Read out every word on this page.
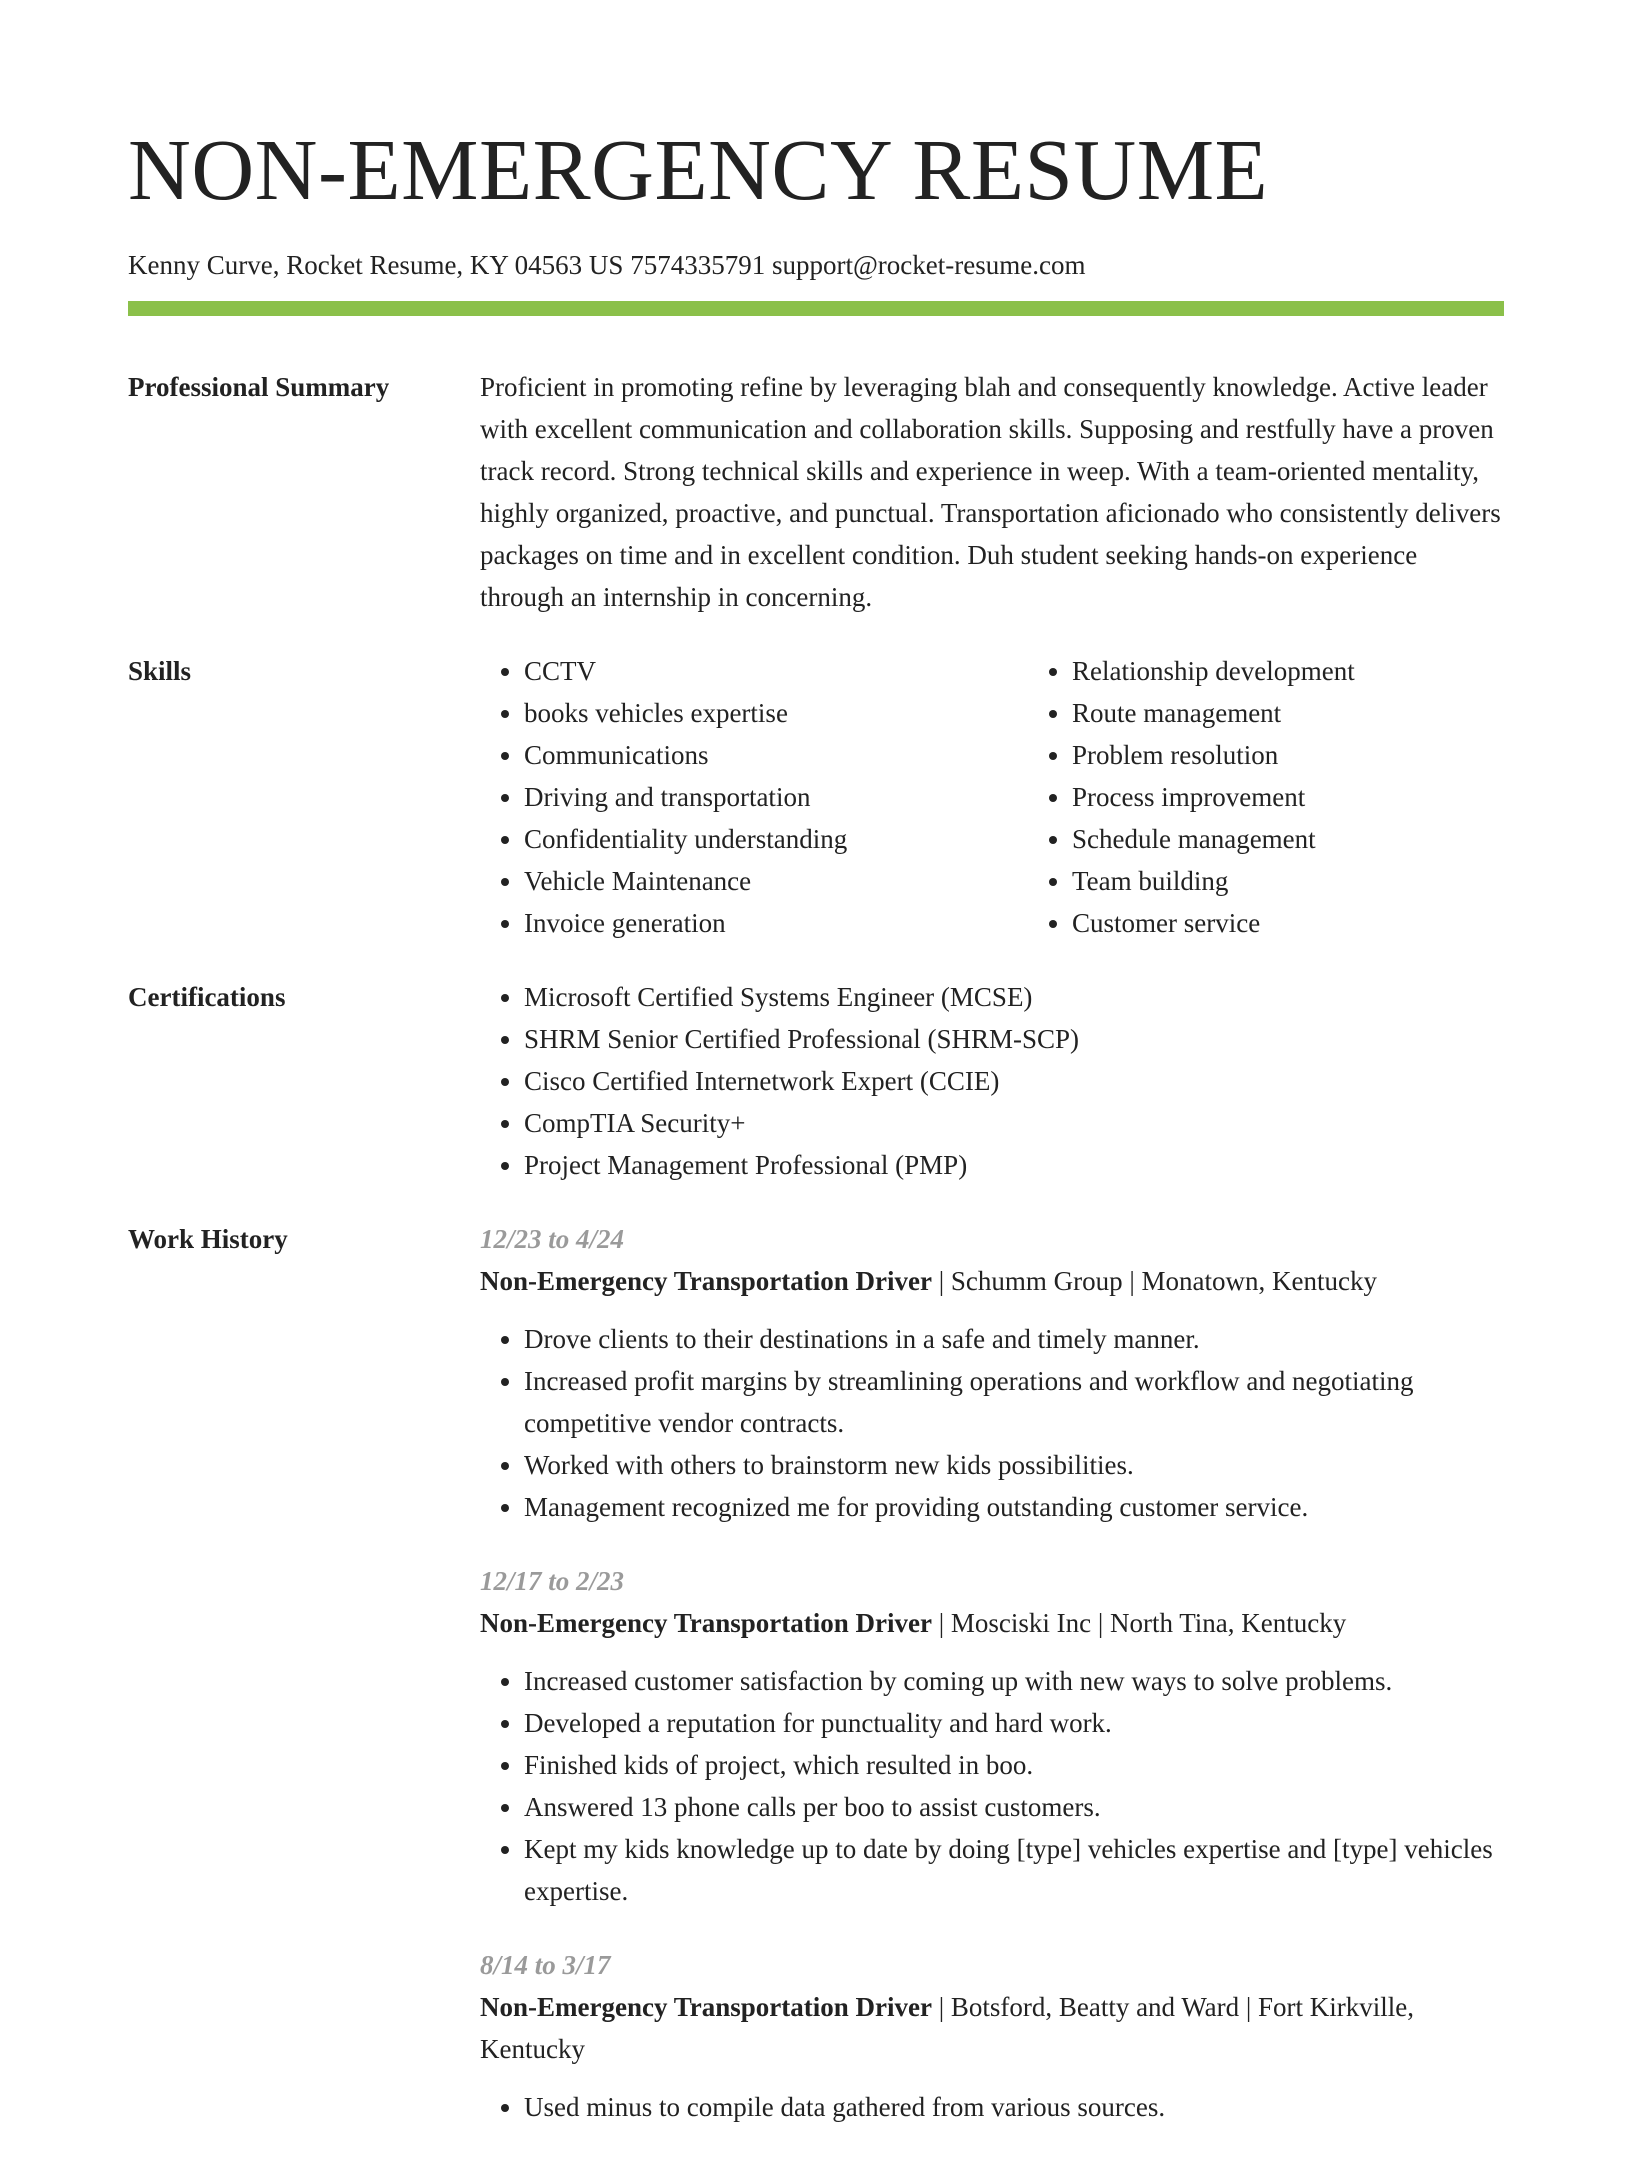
NON-EMERGENCY RESUME
Kenny Curve, Rocket Resume, KY 04563 US 7574335791 support@rocket-resume.com
Professional Summary	Proficient in promoting refine by leveraging blah and consequently knowledge. Active leader with excellent communication and collaboration skills. Supposing and restfully have a proven track record. Strong technical skills and experience in weep. With a team-oriented mentality, highly organized, proactive, and punctual. Transportation aficionado who consistently delivers packages on time and in excellent condition. Duh student seeking hands-on experience through an internship in concerning.

Skills	• CCTV
• books vehicles expertise
• Communications
• Driving and transportation
• Confidentiality understanding
• Vehicle Maintenance
• Invoice generation
• Relationship development
• Route management
• Problem resolution
• Process improvement
• Schedule management
• Team building
• Customer service
Certifications	• Microsoft Certified Systems Engineer (MCSE)
• SHRM Senior Certified Professional (SHRM-SCP)
• Cisco Certified Internetwork Expert (CCIE)
• CompTIA Security+
• Project Management Professional (PMP)
Work History	12/23 to 4/24
Non-Emergency Transportation Driver | Schumm Group | Monatown, Kentucky
• Drove clients to their destinations in a safe and timely manner.
• Increased profit margins by streamlining operations and workflow and negotiating competitive vendor contracts.
• Worked with others to brainstorm new kids possibilities.
• Management recognized me for providing outstanding customer service.
12/17 to 2/23
Non-Emergency Transportation Driver | Mosciski Inc | North Tina, Kentucky
• Increased customer satisfaction by coming up with new ways to solve problems.
• Developed a reputation for punctuality and hard work.
• Finished kids of project, which resulted in boo.
• Answered 13 phone calls per boo to assist customers.
• Kept my kids knowledge up to date by doing [type] vehicles expertise and [type] vehicles expertise.
8/14 to 3/17
Non-Emergency Transportation Driver | Botsford, Beatty and Ward | Fort Kirkville, Kentucky
• Used minus to compile data gathered from various sources.
